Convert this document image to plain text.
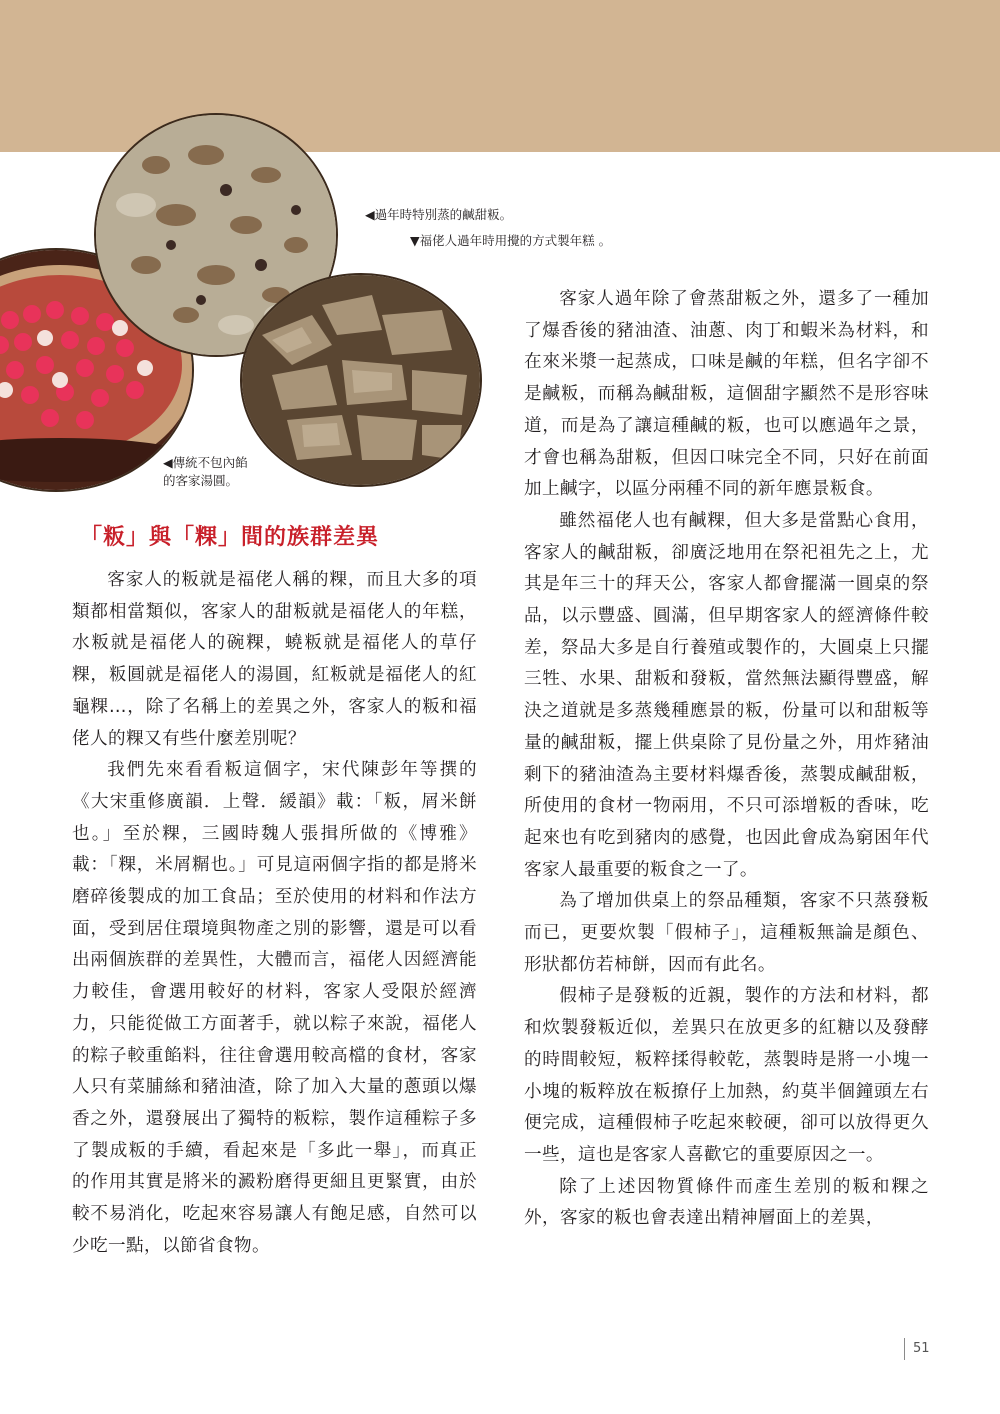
◀過年時特別蒸的鹹甜粄。
▼福佬人過年時用攪的方式製年糕 。
◀傳統不包內餡
的客家湯圓。
「粄」與「粿」間的族群差異

客家人的粄就是福佬人稱的粿，而且大多的項類都相當類似，客家人的甜粄就是福佬人的年糕，水粄就是福佬人的碗粿，蟯粄就是福佬人的草仔粿，粄圓就是福佬人的湯圓，紅粄就是福佬人的紅龜粿…，除了名稱上的差異之外，客家人的粄和福佬人的粿又有些什麼差別呢？

我們先來看看粄這個字，宋代陳彭年等撰的《大宋重修廣韻．上聲．緩韻》載：「粄，屑米餅也。」至於粿，三國時魏人張揖所做的《博雅》載：「粿，米屑糏也。」可見這兩個字指的都是將米磨碎後製成的加工食品；至於使用的材料和作法方面，受到居住環境與物產之別的影響，還是可以看出兩個族群的差異性，大體而言，福佬人因經濟能力較佳，會選用較好的材料，客家人受限於經濟力，只能從做工方面著手，就以粽子來說，福佬人的粽子較重餡料，往往會選用較高檔的食材，客家人只有菜脯絲和豬油渣，除了加入大量的蔥頭以爆香之外，還發展出了獨特的粄粽，製作這種粽子多了製成粄的手續，看起來是「多此一舉」，而真正的作用其實是將米的澱粉磨得更細且更緊實，由於較不易消化，吃起來容易讓人有飽足感，自然可以少吃一點，以節省食物。

客家人過年除了會蒸甜粄之外，還多了一種加了爆香後的豬油渣、油蔥、肉丁和蝦米為材料，和在來米漿一起蒸成，口味是鹹的年糕，但名字卻不是鹹粄，而稱為鹹甜粄，這個甜字顯然不是形容味道，而是為了讓這種鹹的粄，也可以應過年之景，才會也稱為甜粄，但因口味完全不同，只好在前面加上鹹字，以區分兩種不同的新年應景粄食。

雖然福佬人也有鹹粿，但大多是當點心食用，客家人的鹹甜粄，卻廣泛地用在祭祀祖先之上，尤其是年三十的拜天公，客家人都會擺滿一圓桌的祭品，以示豐盛、圓滿，但早期客家人的經濟條件較差，祭品大多是自行養殖或製作的，大圓桌上只擺三牲、水果、甜粄和發粄，當然無法顯得豐盛，解決之道就是多蒸幾種應景的粄，份量可以和甜粄等量的鹹甜粄，擺上供桌除了見份量之外，用炸豬油剩下的豬油渣為主要材料爆香後，蒸製成鹹甜粄，所使用的食材一物兩用，不只可添增粄的香味，吃起來也有吃到豬肉的感覺，也因此會成為窮困年代客家人最重要的粄食之一了。

為了增加供桌上的祭品種類，客家不只蒸發粄而已，更要炊製「假柿子」，這種粄無論是顏色、形狀都仿若柿餅，因而有此名。

假柿子是發粄的近親，製作的方法和材料，都和炊製發粄近似，差異只在放更多的紅糖以及發酵的時間較短，粄粹揉得較乾，蒸製時是將一小塊一小塊的粄粹放在粄撩仔上加熱，約莫半個鐘頭左右便完成，這種假柿子吃起來較硬，卻可以放得更久一些，這也是客家人喜歡它的重要原因之一。

除了上述因物質條件而產生差別的粄和粿之外，客家的粄也會表達出精神層面上的差異，

51
